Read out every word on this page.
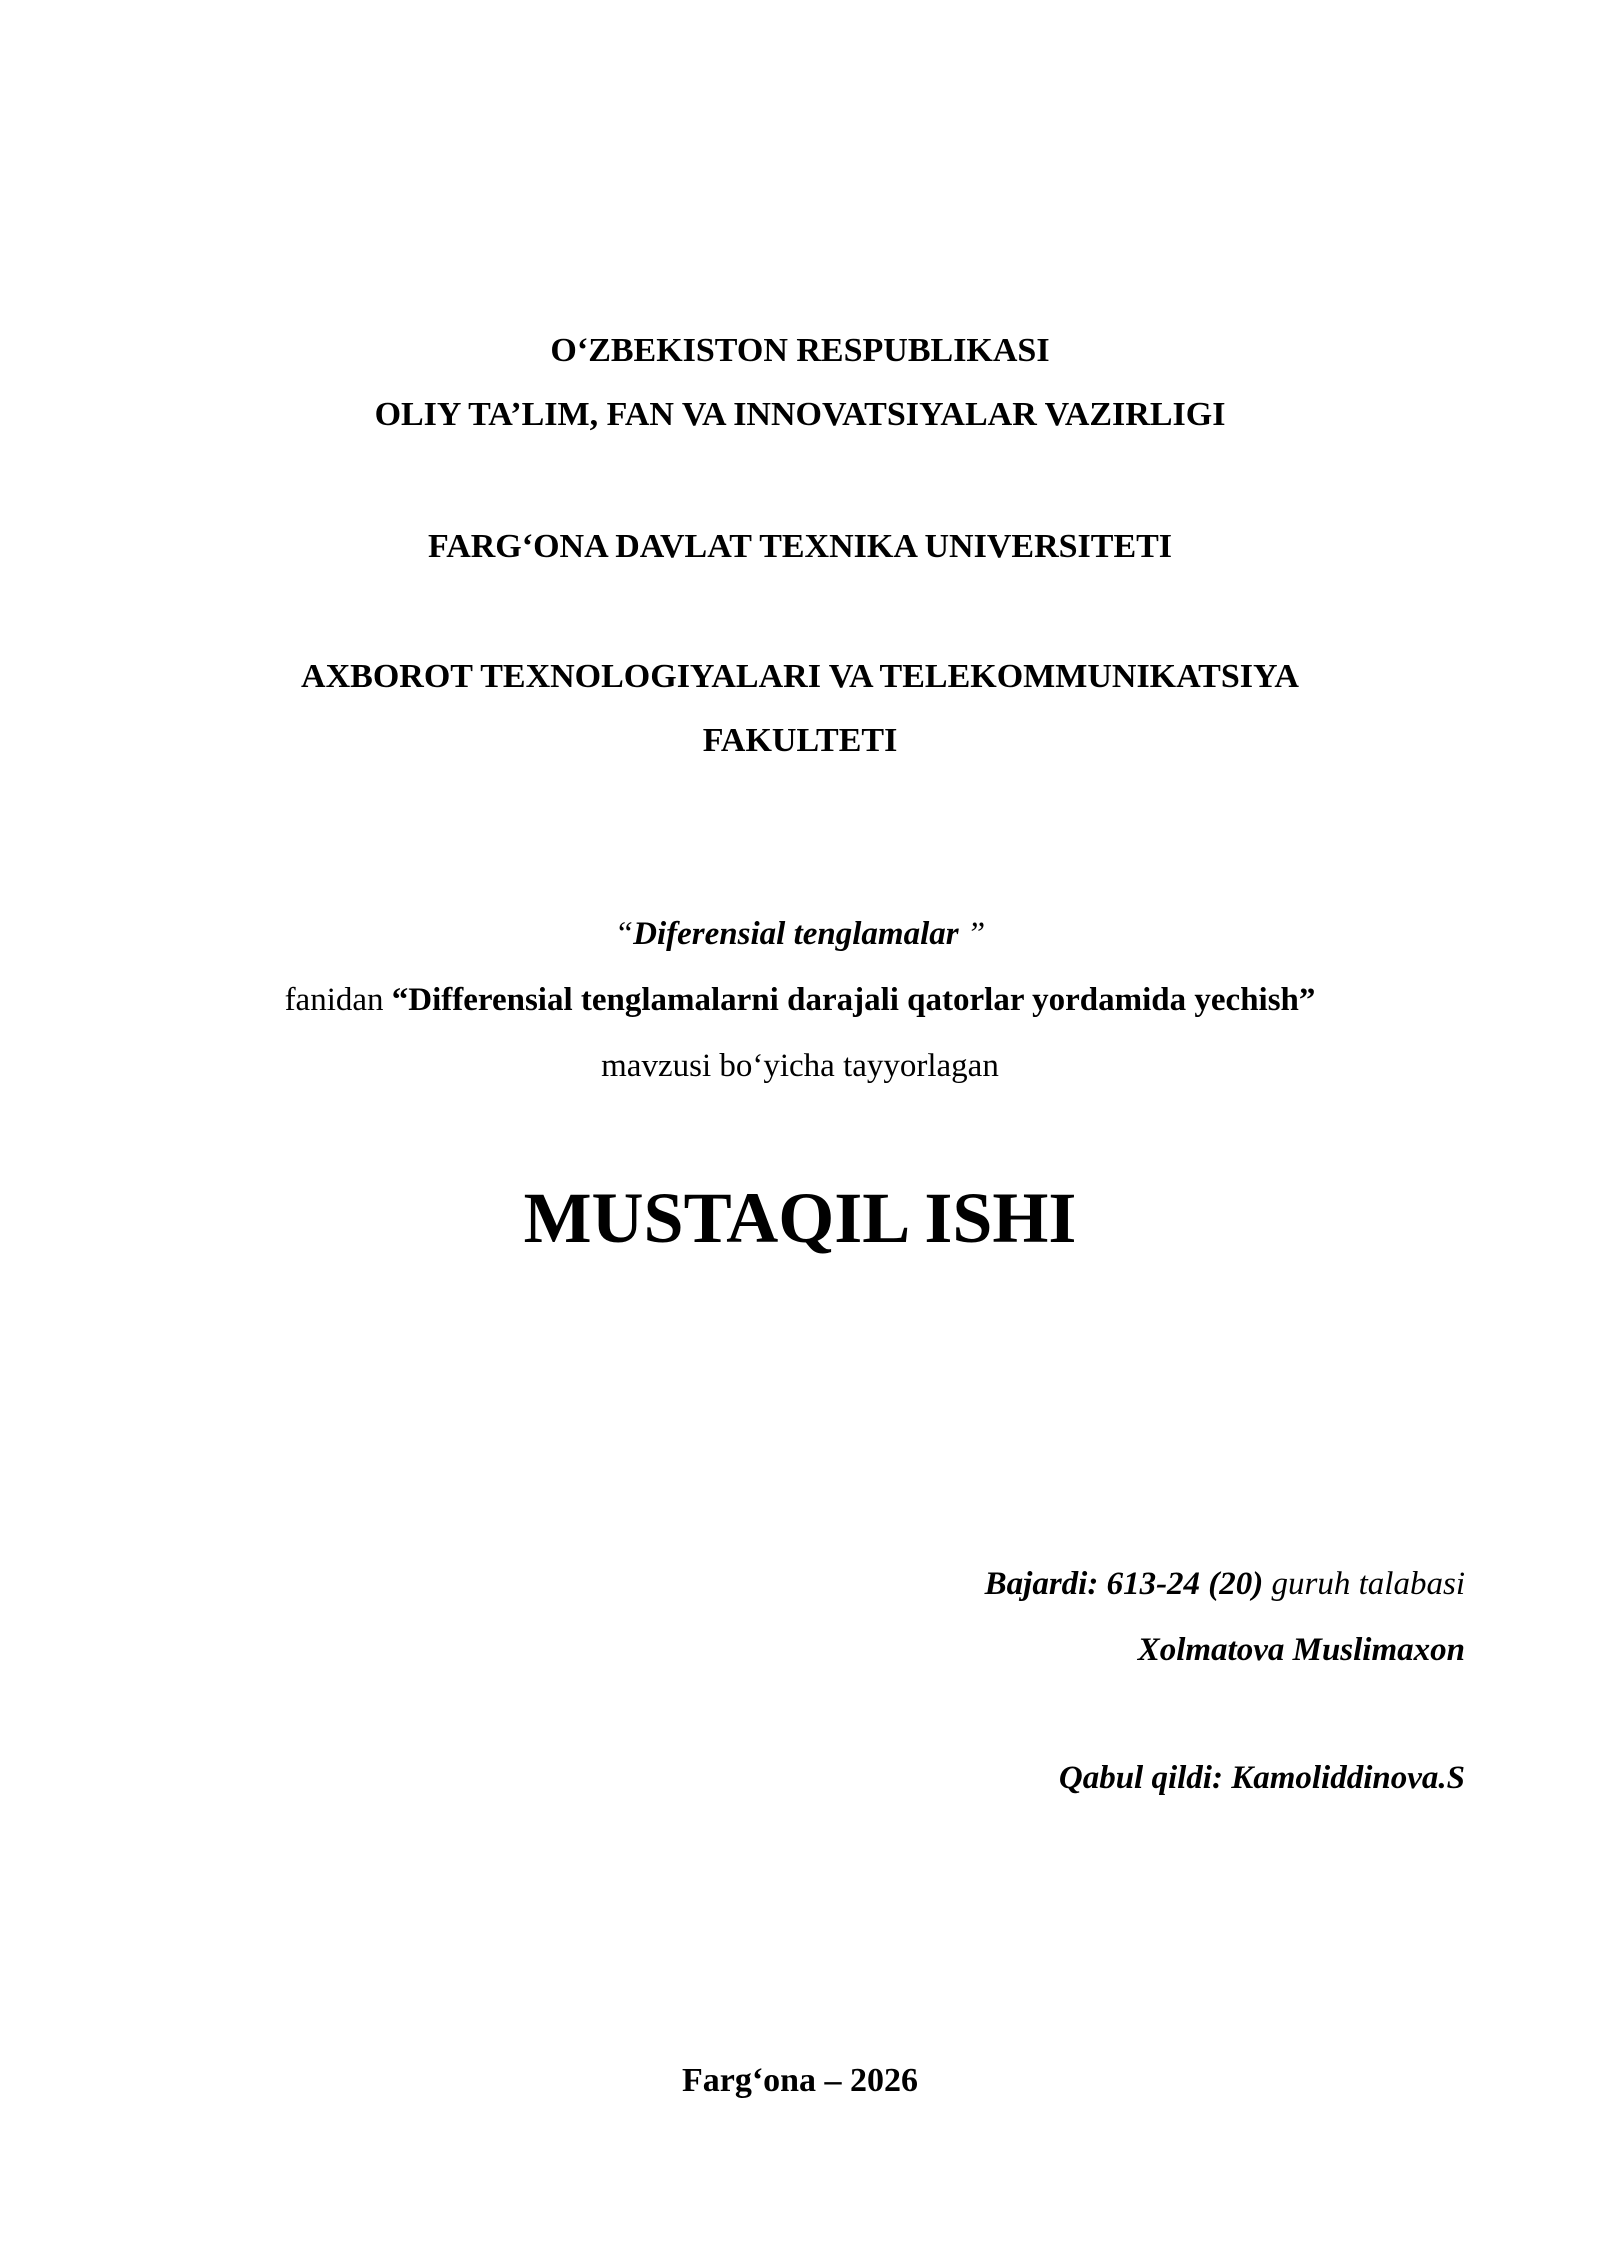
O‘ZBEKISTON RESPUBLIKASI
OLIY TA’LIM, FAN VA INNOVATSIYALAR VAZIRLIGI
FARG‘ONA DAVLAT TEXNIKA UNIVERSITETI
AXBOROT TEXNOLOGIYALARI VA TELEKOMMUNIKATSIYA
FAKULTETI
“Diferensial tenglamalar ”
fanidan “Differensial tenglamalarni darajali qatorlar yordamida yechish”
mavzusi bo‘yicha tayyorlagan
MUSTAQIL ISHI
Bajardi: 613-24 (20) guruh talabasi
Xolmatova Muslimaxon
Qabul qildi: Kamoliddinova.S
Farg‘ona – 2026
